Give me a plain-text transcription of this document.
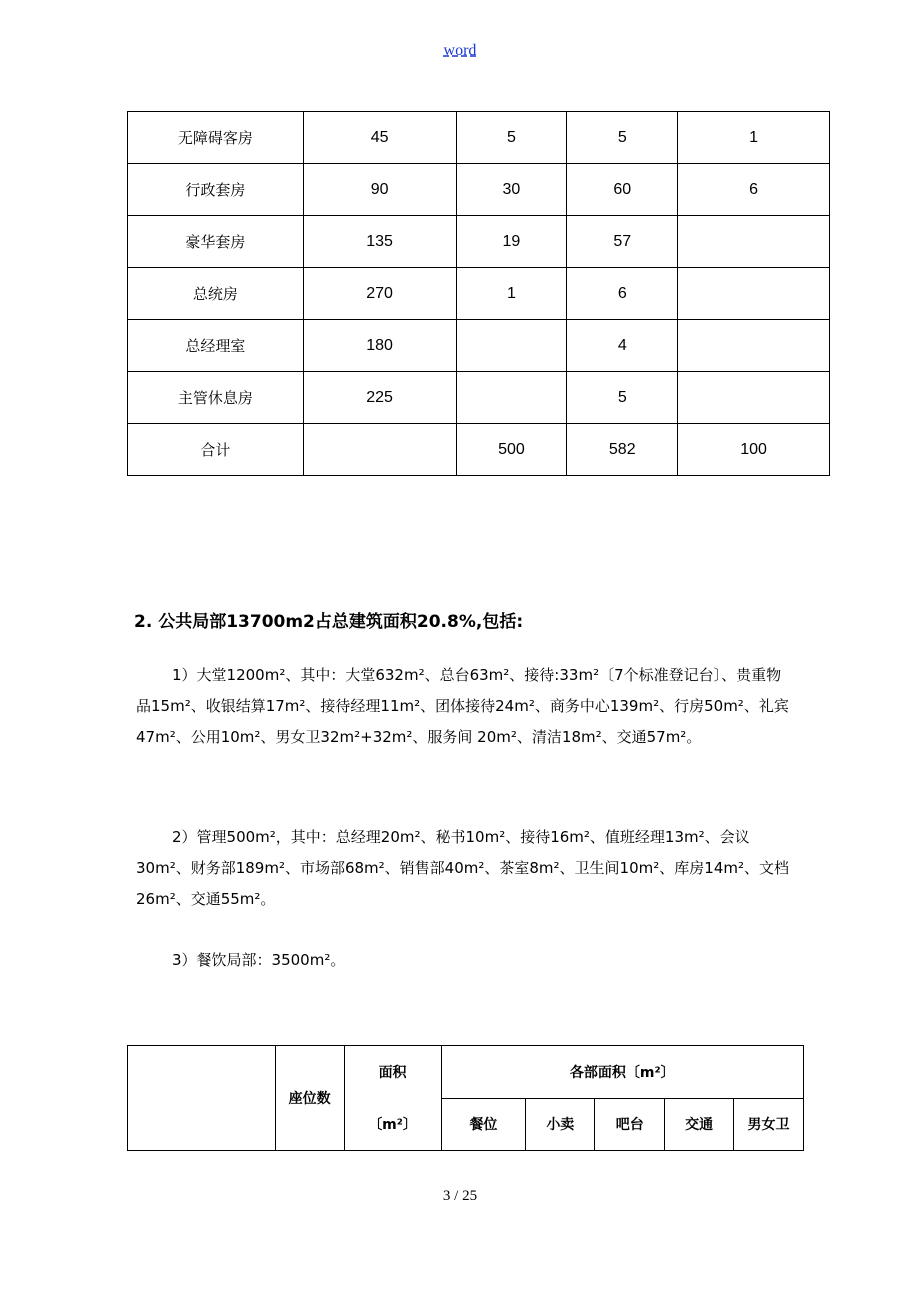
word
无障碍客房	45	5	5	1
行政套房	90	30	60	6
豪华套房	135	19	57	
总统房	270	1	6	
总经理室	180		4	
主管休息房	225		5	
合计		500	582	100
2. 公共局部13700m2占总建筑面积20.8%,包括:
1）大堂1200m²、其中：大堂632m²、总台63m²、接待:33m²〔7个标准登记台〕、贵重物品15m²、收银结算17m²、接待经理11m²、团体接待24m²、商务中心139m²、行房50m²、礼宾47m²、公用10m²、男女卫32m²+32m²、服务间 20m²、清洁18m²、交通57m²。
2）管理500m²，其中：总经理20m²、秘书10m²、接待16m²、值班经理13m²、会议30m²、财务部189m²、市场部68m²、销售部40m²、茶室8m²、卫生间10m²、库房14m²、文档26m²、交通55m²。
3）餐饮局部：3500m²。
	座位数	面积	各部面积〔m²〕				
		〔m²〕	餐位	小卖	吧台	交通	男女卫
3 / 25
